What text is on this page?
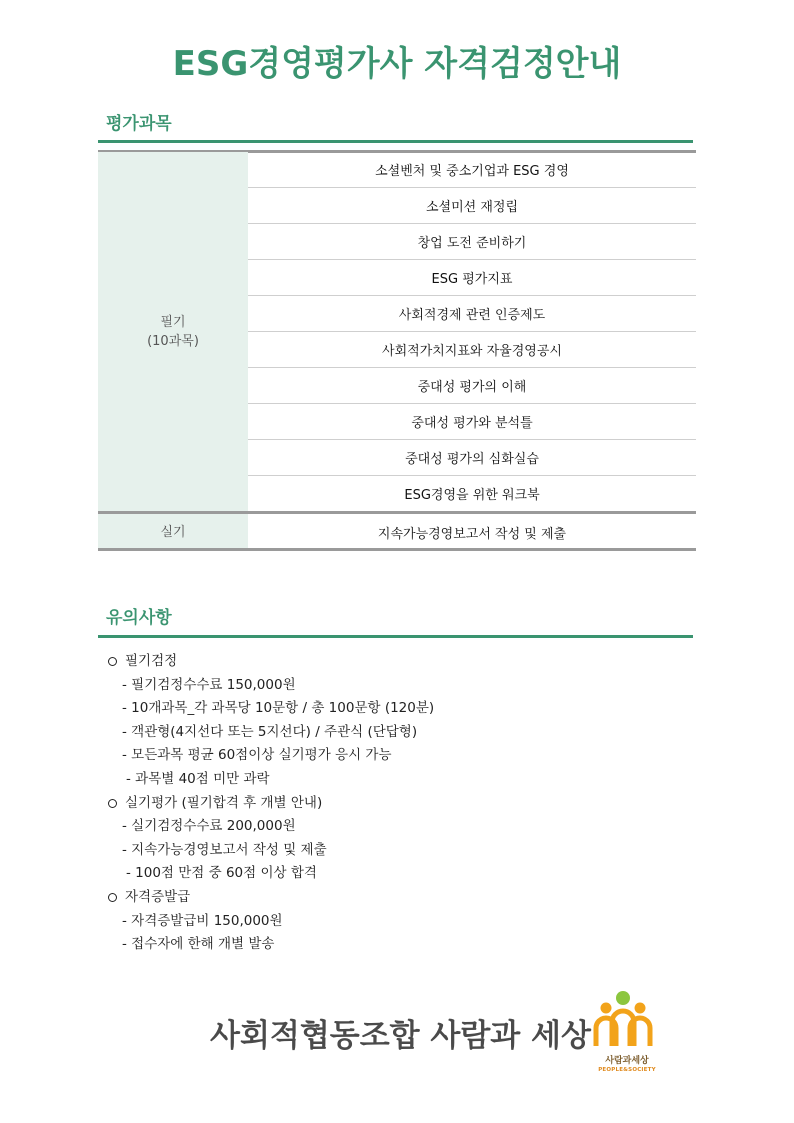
ESG경영평가사 자격검정안내
평가과목
필기
(10과목)	소셜벤처 및 중소기업과 ESG 경영
	소셜미션 재정립
	창업 도전 준비하기
	ESG 평가지표
	사회적경제 관련 인증제도
	사회적가치지표와 자율경영공시
	중대성 평가의 이해
	중대성 평가와 분석틀
	중대성 평가의 심화실습
	ESG경영을 위한 워크북
실기	지속가능경영보고서 작성 및 제출
유의사항
필기검정
- 필기검정수수료 150,000원
- 10개과목_각 과목당 10문항 / 총 100문항 (120분)
- 객관형(4지선다 또는 5지선다) / 주관식 (단답형)
- 모든과목 평균 60점이상 실기평가 응시 가능
- 과목별 40점 미만 과락
실기평가 (필기합격 후 개별 안내)
- 실기검정수수료 200,000원
- 지속가능경영보고서 작성 및 제출
- 100점 만점 중 60점 이상 합격
자격증발급
- 자격증발급비 150,000원
- 접수자에 한해 개별 발송
사회적협동조합 사람과 세상
사람과세상
PEOPLE&SOCIETY
